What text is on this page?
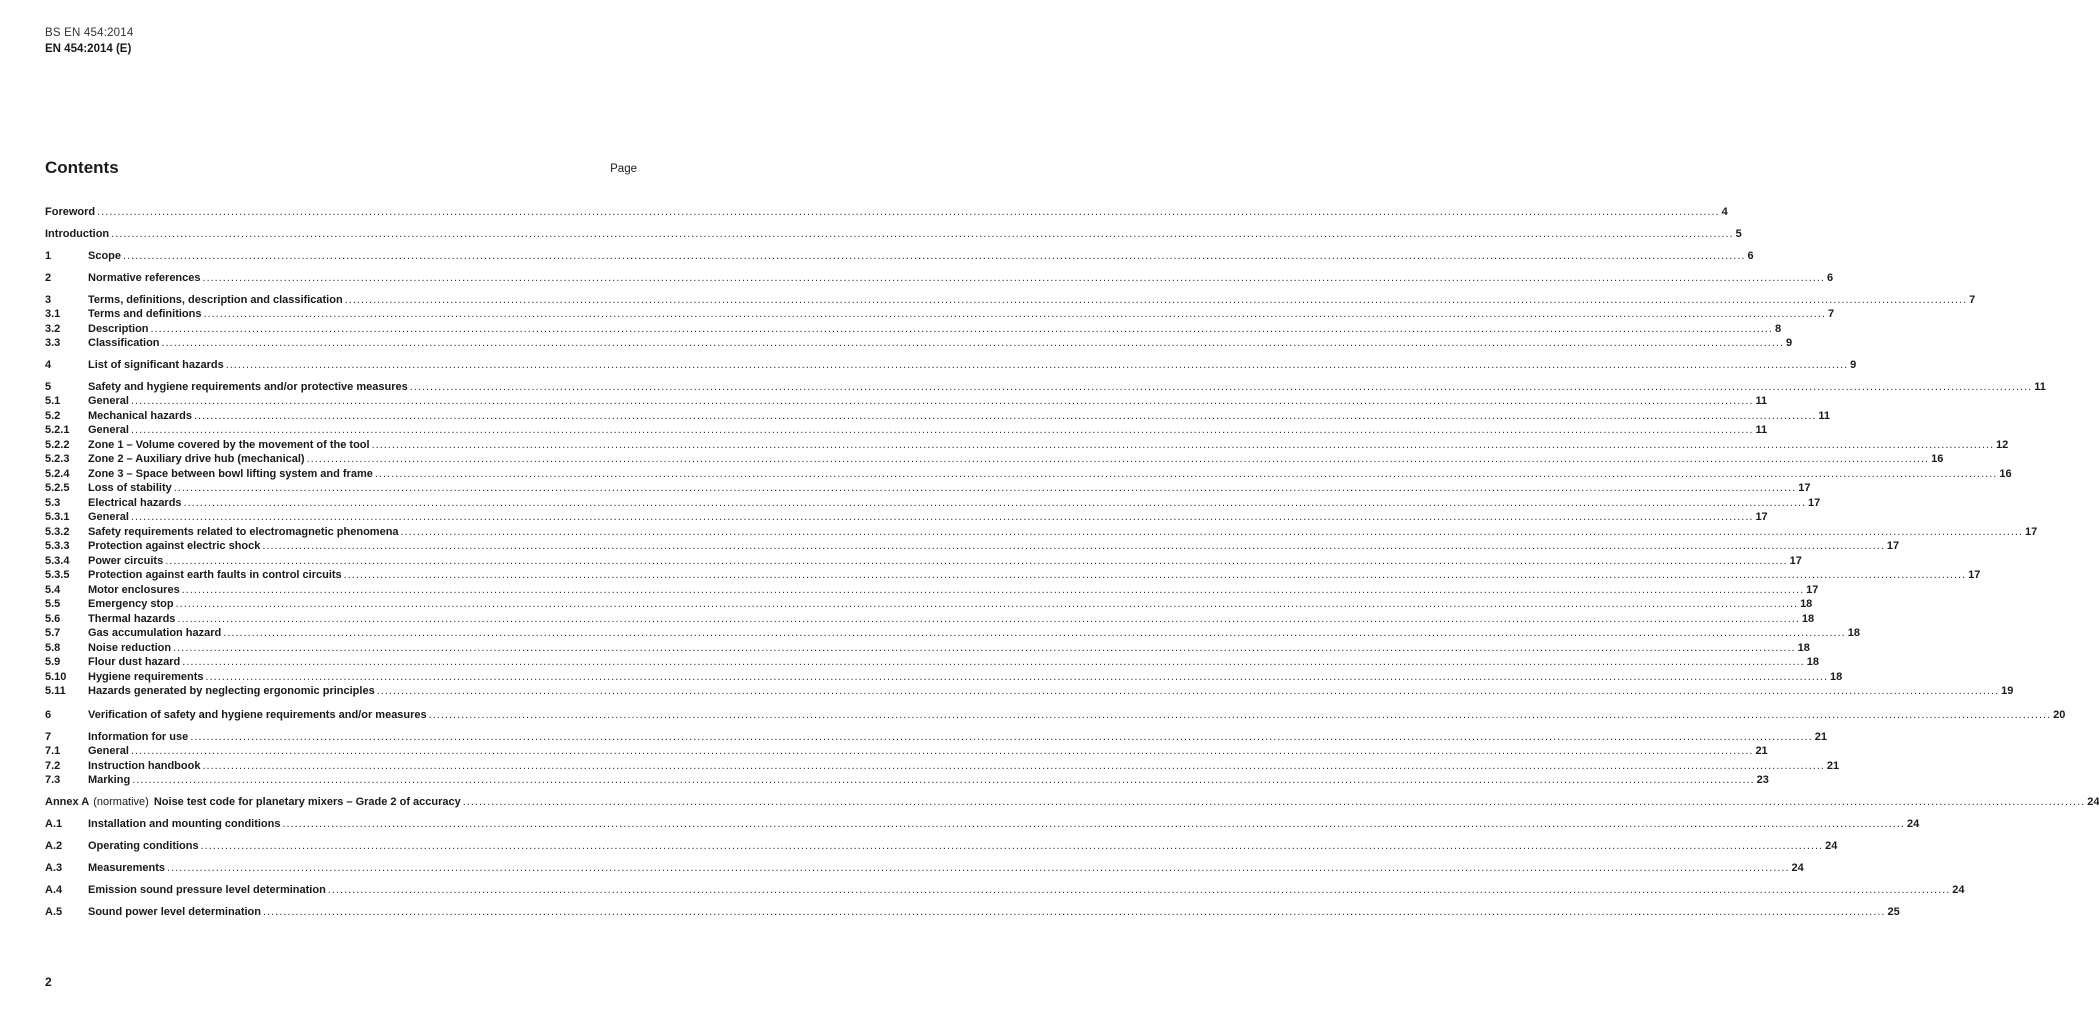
BS EN 454:2014
EN 454:2014 (E)
Contents	Page
Foreword ................................................................................................................................................................................................................................................................................................................................................................................................................ 4
Introduction ................................................................................................................................................................................................................................................................................................................................................................................................................ 5
1	Scope ................................................................................................................................................................................................................................................................................................................................................................................................................ 6
2	Normative references ................................................................................................................................................................................................................................................................................................................................................................................................................ 6
3	Terms, definitions, description and classification ................................................................................................................................................................................................................................................................................................................................................................................................................ 7
3.1	Terms and definitions ................................................................................................................................................................................................................................................................................................................................................................................................................ 7
3.2	Description ................................................................................................................................................................................................................................................................................................................................................................................................................ 8
3.3	Classification ................................................................................................................................................................................................................................................................................................................................................................................................................ 9
4	List of significant hazards ................................................................................................................................................................................................................................................................................................................................................................................................................ 9
5	Safety and hygiene requirements and/or protective measures ................................................................................................................................................................................................................................................................................................................................................................................................................ 11
5.1	General ................................................................................................................................................................................................................................................................................................................................................................................................................ 11
5.2	Mechanical hazards ................................................................................................................................................................................................................................................................................................................................................................................................................ 11
5.2.1	General ................................................................................................................................................................................................................................................................................................................................................................................................................ 11
5.2.2	Zone 1 – Volume covered by the movement of the tool ................................................................................................................................................................................................................................................................................................................................................................................................................ 12
5.2.3	Zone 2 – Auxiliary drive hub (mechanical) ................................................................................................................................................................................................................................................................................................................................................................................................................ 16
5.2.4	Zone 3 – Space between bowl lifting system and frame ................................................................................................................................................................................................................................................................................................................................................................................................................ 16
5.2.5	Loss of stability ................................................................................................................................................................................................................................................................................................................................................................................................................ 17
5.3	Electrical hazards ................................................................................................................................................................................................................................................................................................................................................................................................................ 17
5.3.1	General ................................................................................................................................................................................................................................................................................................................................................................................................................ 17
5.3.2	Safety requirements related to electromagnetic phenomena ................................................................................................................................................................................................................................................................................................................................................................................................................ 17
5.3.3	Protection against electric shock ................................................................................................................................................................................................................................................................................................................................................................................................................ 17
5.3.4	Power circuits ................................................................................................................................................................................................................................................................................................................................................................................................................ 17
5.3.5	Protection against earth faults in control circuits ................................................................................................................................................................................................................................................................................................................................................................................................................ 17
5.4	Motor enclosures ................................................................................................................................................................................................................................................................................................................................................................................................................ 17
5.5	Emergency stop ................................................................................................................................................................................................................................................................................................................................................................................................................ 18
5.6	Thermal hazards ................................................................................................................................................................................................................................................................................................................................................................................................................ 18
5.7	Gas accumulation hazard ................................................................................................................................................................................................................................................................................................................................................................................................................ 18
5.8	Noise reduction ................................................................................................................................................................................................................................................................................................................................................................................................................ 18
5.9	Flour dust hazard ................................................................................................................................................................................................................................................................................................................................................................................................................ 18
5.10	Hygiene requirements ................................................................................................................................................................................................................................................................................................................................................................................................................ 18
5.11	Hazards generated by neglecting ergonomic principles ................................................................................................................................................................................................................................................................................................................................................................................................................ 19
6	Verification of safety and hygiene requirements and/or measures ................................................................................................................................................................................................................................................................................................................................................................................................................ 20
7	Information for use ................................................................................................................................................................................................................................................................................................................................................................................................................ 21
7.1	General ................................................................................................................................................................................................................................................................................................................................................................................................................ 21
7.2	Instruction handbook ................................................................................................................................................................................................................................................................................................................................................................................................................ 21
7.3	Marking ................................................................................................................................................................................................................................................................................................................................................................................................................ 23
Annex A (normative) Noise test code for planetary mixers – Grade 2 of accuracy ................................................................................................................................................................................................................................................................................................................................................................................................................ 24
A.1	Installation and mounting conditions ................................................................................................................................................................................................................................................................................................................................................................................................................ 24
A.2	Operating conditions ................................................................................................................................................................................................................................................................................................................................................................................................................ 24
A.3	Measurements ................................................................................................................................................................................................................................................................................................................................................................................................................ 24
A.4	Emission sound pressure level determination ................................................................................................................................................................................................................................................................................................................................................................................................................ 24
A.5	Sound power level determination ................................................................................................................................................................................................................................................................................................................................................................................................................ 25
2
